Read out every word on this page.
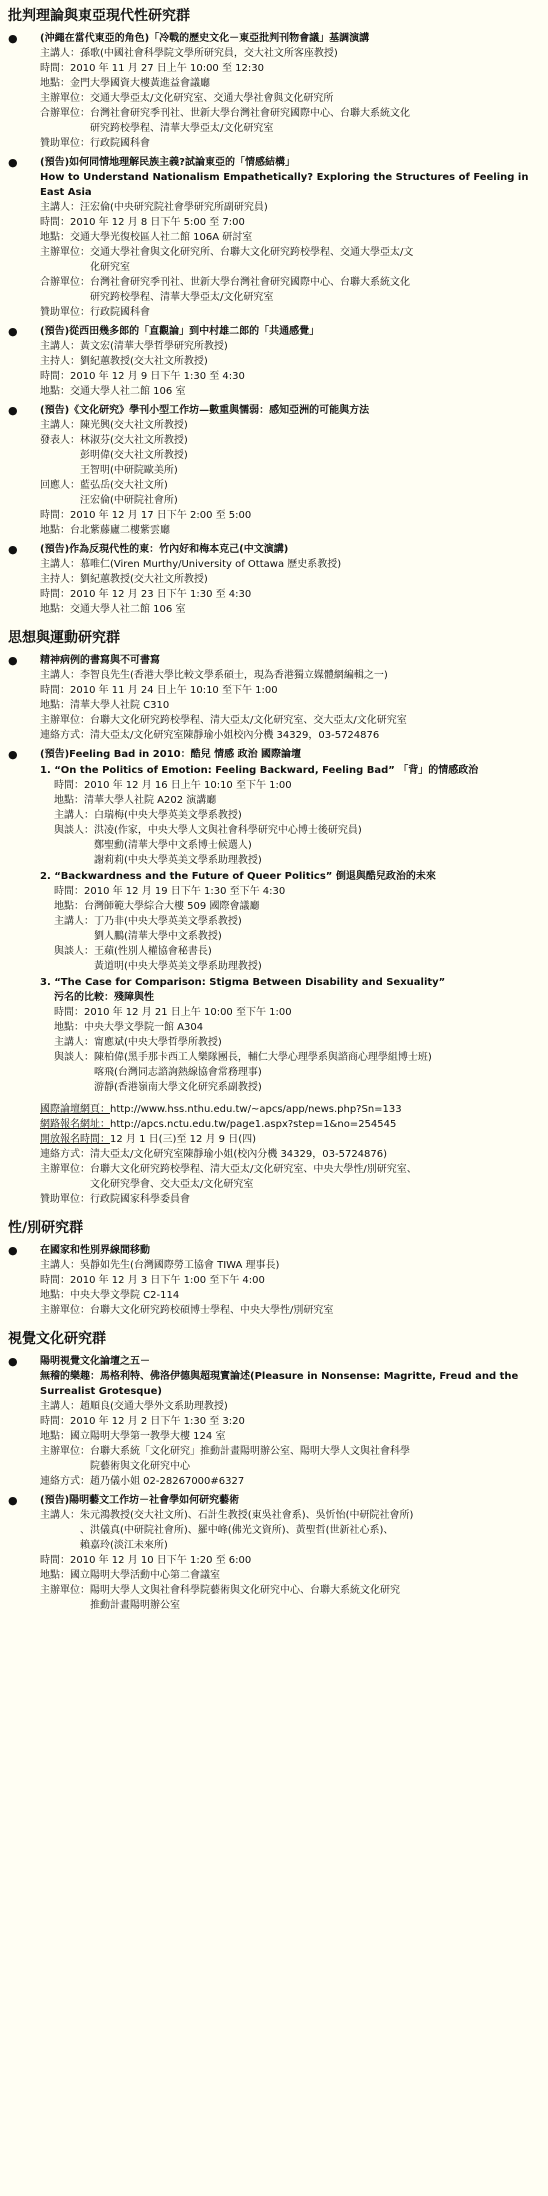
批判理論與東亞現代性研究群
●	(沖繩在當代東亞的角色)「冷戰的歷史文化－東亞批判刊物會議」基調演講
主講人： 孫歌(中國社會科學院文學所研究員，交大社文所客座教授)
時間： 2010 年 11 月 27 日上午 10:00 至 12:30
地點： 金門大學國資大樓黃進益會議廳
主辦單位： 交通大學亞太/文化研究室、交通大學社會與文化研究所
合辦單位： 台灣社會研究季刊社、世新大學台灣社會研究國際中心、台聯大系統文化
研究跨校學程、清華大學亞太/文化研究室
贊助單位： 行政院國科會
●	(預告)如何同情地理解民族主義?試論東亞的「情感結構」
How to Understand Nationalism Empathetically? Exploring the Structures of Feeling in East Asia
主講人： 汪宏倫(中央研究院社會學研究所副研究員)
時間： 2010 年 12 月 8 日下午 5:00 至 7:00
地點： 交通大學光復校區人社二館 106A 研討室
主辦單位： 交通大學社會與文化研究所、台聯大文化研究跨校學程、交通大學亞太/文
化研究室
合辦單位： 台灣社會研究季刊社、世新大學台灣社會研究國際中心、台聯大系統文化
研究跨校學程、清華大學亞太/文化研究室
贊助單位： 行政院國科會
●	(預告)從西田幾多郎的「直觀論」到中村雄二郎的「共通感覺」
主講人： 黃文宏(清華大學哲學研究所教授)
主持人： 劉紀蕙教授(交大社文所教授)
時間： 2010 年 12 月 9 日下午 1:30 至 4:30
地點： 交通大學人社二館 106 室
●	(預告)《文化研究》學刊小型工作坊—數重與懦弱：感知亞洲的可能與方法
主講人： 陳光興(交大社文所教授)
發表人： 林淑芬(交大社文所教授)
彭明偉(交大社文所教授)
王智明(中研院歐美所)
回應人： 藍弘岳(交大社文所)
汪宏倫(中研院社會所)
時間： 2010 年 12 月 17 日下午 2:00 至 5:00
地點： 台北紫藤廬二樓紫雲廳
●	(預告)作為反現代性的東：竹內好和梅本克己(中文演講)
主講人： 慕唯仁(Viren Murthy/University of Ottawa 歷史系教授)
主持人： 劉紀蕙教授(交大社文所教授)
時間： 2010 年 12 月 23 日下午 1:30 至 4:30
地點： 交通大學人社二館 106 室
思想與運動研究群
●	精神病例的書寫與不可書寫
主講人： 李智良先生(香港大學比較文學系碩士，現為香港獨立媒體網編輯之一)
時間： 2010 年 11 月 24 日上午 10:10 至下午 1:00
地點： 清華大學人社院 C310
主辦單位： 台聯大文化研究跨校學程、清大亞太/文化研究室、交大亞太/文化研究室
連絡方式： 清大亞太/文化研究室陳靜瑜小姐校內分機 34329，03-5724876
●	(預告)Feeling Bad in 2010：酷兒 情感 政治 國際論壇
1. “On the Politics of Emotion: Feeling Backward, Feeling Bad” 「背」的情感政治
時間： 2010 年 12 月 16 日上午 10:10 至下午 1:00
地點： 清華大學人社院 A202 演講廳
主講人： 白瑞梅(中央大學英美文學系教授)
與談人： 洪凌(作家，中央大學人文與社會科學研究中心博士後研究員)
鄭聖勳(清華大學中文系博士候選人)
謝莉莉(中央大學英美文學系助理教授)
2. “Backwardness and the Future of Queer Politics” 倒退與酷兒政治的未來
時間： 2010 年 12 月 19 日下午 1:30 至下午 4:30
地點： 台灣師範大學綜合大樓 509 國際會議廳
主講人： 丁乃非(中央大學英美文學系教授)
劉人鵬(清華大學中文系教授)
與談人： 王蘋(性別人權協會秘書長)
黃道明(中央大學英美文學系助理教授)
3. “The Case for Comparison: Stigma Between Disability and Sexuality”
污名的比較：殘障與性
時間： 2010 年 12 月 21 日上午 10:00 至下午 1:00
地點： 中央大學文學院一館 A304
主講人： 甯應斌(中央大學哲學所教授)
與談人： 陳柏偉(黑手那卡西工人樂隊團長，輔仁大學心理學系與諮商心理學組博士班)
喀飛(台灣同志諮詢熱線協會常務理事)
游靜(香港嶺南大學文化研究系副教授)
國際論壇網頁： http://www.hss.nthu.edu.tw/~apcs/app/news.php?Sn=133
網路報名網址： http://apcs.nctu.edu.tw/page1.aspx?step=1&no=254545
開放報名時間： 12 月 1 日(三)至 12 月 9 日(四)
連絡方式： 清大亞太/文化研究室陳靜瑜小姐(校內分機 34329，03-5724876)
主辦單位： 台聯大文化研究跨校學程、清大亞太/文化研究室、中央大學性/別研究室、
文化研究學會、交大亞太/文化研究室
贊助單位： 行政院國家科學委員會
性/別研究群
●	在國家和性別界線間移動
主講人： 吳靜如先生(台灣國際勞工協會 TIWA 理事長)
時間： 2010 年 12 月 3 日下午 1:00 至下午 4:00
地點： 中央大學文學院 C2-114
主辦單位： 台聯大文化研究跨校碩博士學程、中央大學性/別研究室
視覺文化研究群
●	陽明視覺文化論壇之五－
無稽的樂趣：馬格利特、佛洛伊德與超現實論述(Pleasure in Nonsense: Magritte, Freud and the Surrealist Grotesque)
主講人： 趙順良(交通大學外文系助理教授)
時間： 2010 年 12 月 2 日下午 1:30 至 3:20
地點： 國立陽明大學第一教學大樓 124 室
主辦單位： 台聯大系統「文化研究」推動計畫陽明辦公室、陽明大學人文與社會科學
院藝術與文化研究中心
連絡方式： 趙乃儀小姐 02-28267000#6327
●	(預告)陽明藝文工作坊－社會學如何研究藝術
主講人： 朱元鴻教授(交大社文所)、石計生教授(東吳社會系)、吳忻怡(中研院社會所)
、洪儀真(中研院社會所)、羅中峰(佛光文資所)、黃聖哲(世新社心系)、
賴嘉玲(淡江未來所)
時間： 2010 年 12 月 10 日下午 1:20 至 6:00
地點： 國立陽明大學活動中心第二會議室
主辦單位： 陽明大學人文與社會科學院藝術與文化研究中心、台聯大系統文化研究
推動計畫陽明辦公室
